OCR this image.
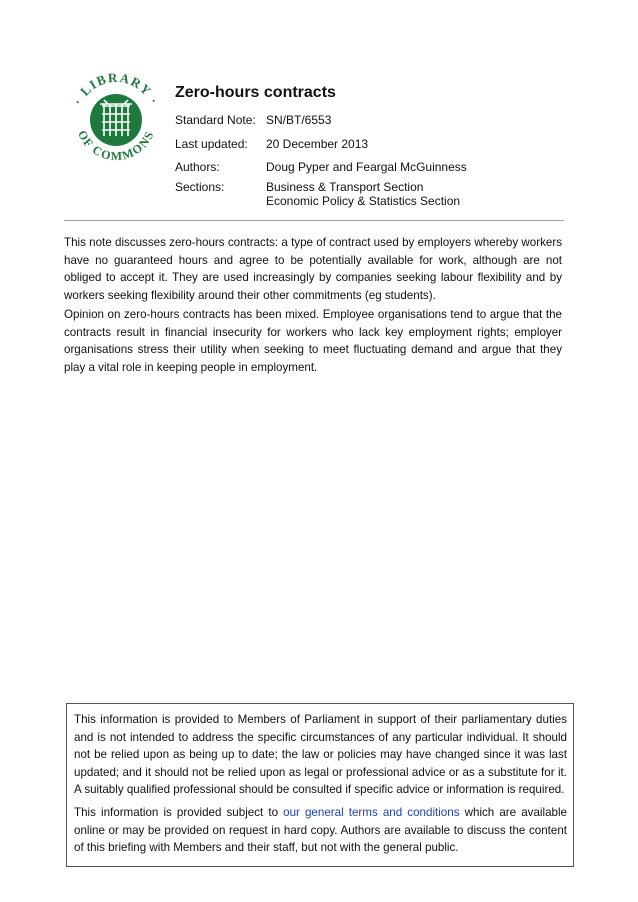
· LIBRARY ·
OF COMMONS
Zero-hours contracts
Standard Note: SN/BT/6553
Last updated:	20 December 2013
Authors:	Doug Pyper and Feargal McGuinness
Sections:	Business & Transport Section
Economic Policy & Statistics Section
This note discusses zero-hours contracts: a type of contract used by employers whereby workers have no guaranteed hours and agree to be potentially available for work, although are not obliged to accept it. They are used increasingly by companies seeking labour flexibility and by workers seeking flexibility around their other commitments (eg students).
Opinion on zero-hours contracts has been mixed. Employee organisations tend to argue that the contracts result in financial insecurity for workers who lack key employment rights; employer organisations stress their utility when seeking to meet fluctuating demand and argue that they play a vital role in keeping people in employment.

This information is provided to Members of Parliament in support of their parliamentary duties and is not intended to address the specific circumstances of any particular individual. It should not be relied upon as being up to date; the law or policies may have changed since it was last updated; and it should not be relied upon as legal or professional advice or as a substitute for it. A suitably qualified professional should be consulted if specific advice or information is required.

This information is provided subject to our general terms and conditions which are available online or may be provided on request in hard copy. Authors are available to discuss the content of this briefing with Members and their staff, but not with the general public.
